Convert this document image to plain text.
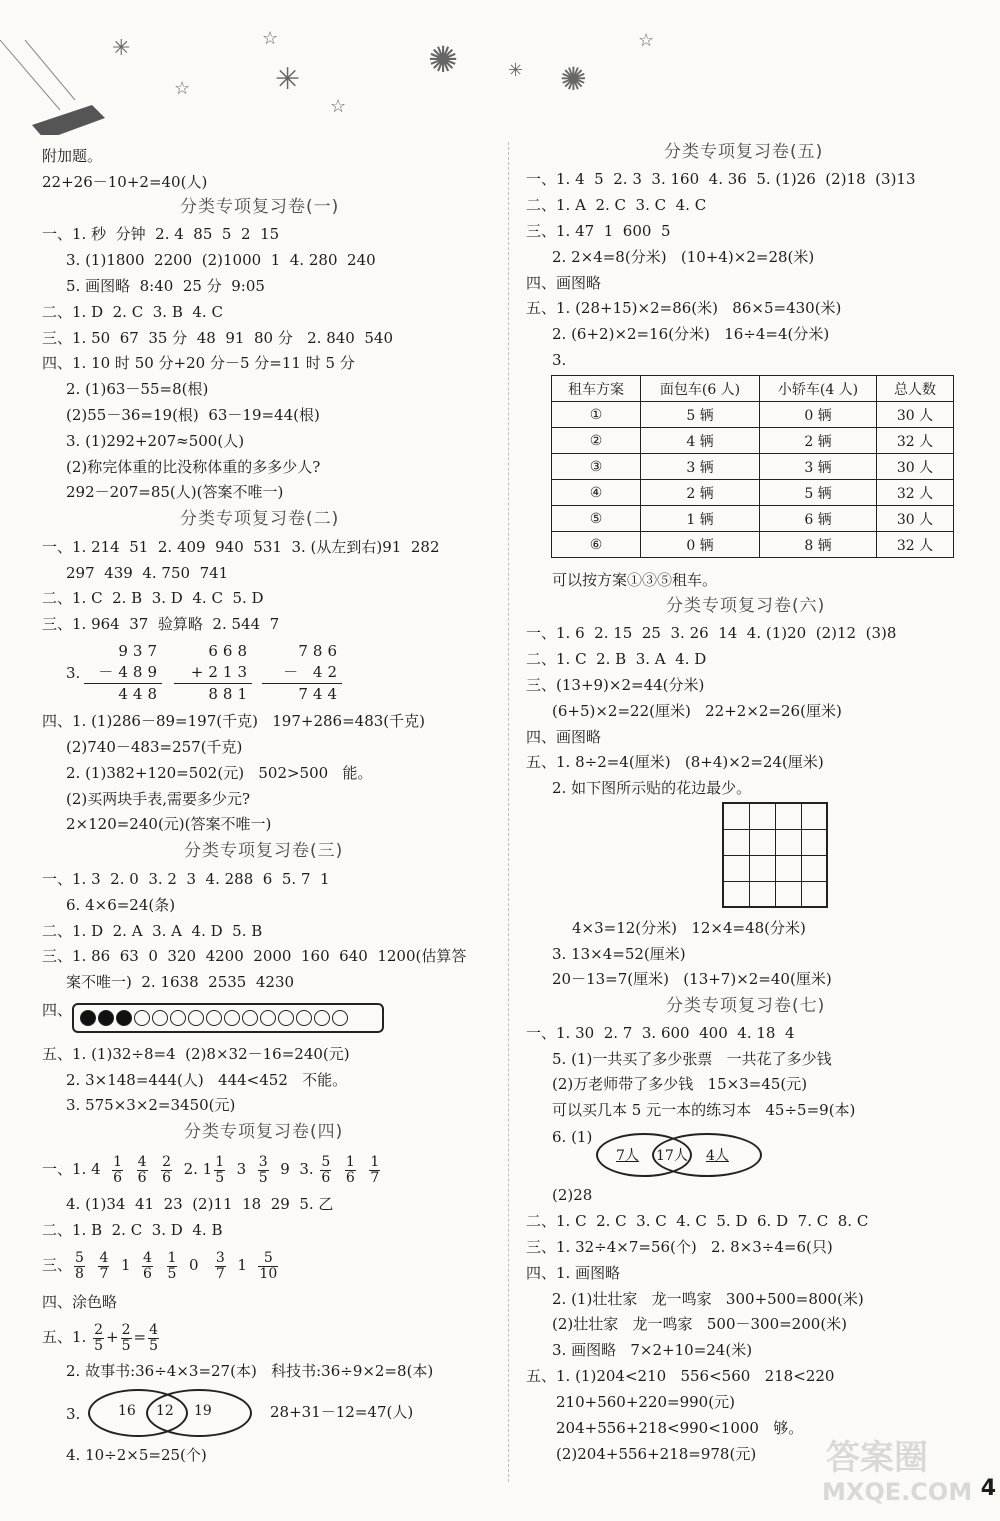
☆
☆
☆
☆
✳	✺	✺
✳
✳
附加题。
22+26－10+2=40(人)
分类专项复习卷(一)
一、1. 秒  分钟  2. 4  85  5  2  15
3. (1)1800  2200  (2)1000  1  4. 280  240
5. 画图略  8:40  25 分  9:05
二、1. D  2. C  3. B  4. C
三、1. 50  67  35 分  48  91  80 分   2. 840  540
四、1. 10 时 50 分+20 分－5 分=11 时 5 分
2. (1)63－55=8(根)
(2)55－36=19(根)  63－19=44(根)
3. (1)292+207≈500(人)
(2)称完体重的比没称体重的多多少人?
292－207=85(人)(答案不唯一)
分类专项复习卷(二)
一、1. 214  51  2. 409  940  531  3. (从左到右)91  282
297  439  4. 750  741
二、1. C  2. B  3. D  4. C  5. D
三、1. 964  37  验算略  2. 544  7
3.
937
－489
448
668
+213
881
786
－ 42
744
四、1. (1)286－89=197(千克)   197+286=483(千克)
(2)740－483=257(千克)
2. (1)382+120=502(元)   502>500   能。
(2)买两块手表,需要多少元?
2×120=240(元)(答案不唯一)
分类专项复习卷(三)
一、1. 3  2. 0  3. 2  3  4. 288  6  5. 7  1
6. 4×6=24(条)
二、1. D  2. A  3. A  4. D  5. B
三、1. 86  63  0  320  4200  2000  160  640  1200(估算答
案不唯一)  2. 1638  2535  4230
四、
五、1. (1)32÷8=4  (2)8×32－16=240(元)
2. 3×148=444(人)   444<452   不能。
3. 575×3×2=3450(元)
分类专项复习卷(四)
一、1. $4 \frac{1}{6}$
$\frac{4}{6}$
$\frac{2}{6} 2$. $1 \frac{1}{5} 3 \frac{3}{5} 9$  3. $\frac{5}{6}$
$\frac{1}{6}$
$\frac{1}{7}$
4. (1)34  41  23  (2)11  18  29  5. 乙
二、1. B  2. C  3. D  4. B
三、 $\frac{5}{8}$
$\frac{4}{7} 1 \frac{4}{6}$
$\frac{1}{5} 0 \frac{3}{7} 1 \frac{5}{10}$
四、涂色略
五、1. $\frac{2}{5} + \frac{2}{5} = \frac{4}{5}$
2. 故事书:36÷4×3=27(本)   科技书:36÷9×2=8(本)
3.	16 12 19	28+31－12=47(人)
4. 10÷2×5=25(个)
分类专项复习卷(五)
一、1. 4  5  2. 3  3. 160  4. 36  5. (1)26  (2)18  (3)13
二、1. A  2. C  3. C  4. C
三、1. 47  1  600  5
2. 2×4=8(分米)   (10+4)×2=28(米)
四、画图略
五、1. (28+15)×2=86(米)   86×5=430(米)
2. (6+2)×2=16(分米)   16÷4=4(分米)
3.
租车方案	面包车(6 人)	小轿车(4 人)	总人数
①	5 辆	0 辆	30 人
②	4 辆	2 辆	32 人
③	3 辆	3 辆	30 人
④	2 辆	5 辆	32 人
⑤	1 辆	6 辆	30 人
⑥	0 辆	8 辆	32 人
可以按方案①③⑤租车。
分类专项复习卷(六)
一、1. 6  2. 15  25  3. 26  14  4. (1)20  (2)12  (3)8
二、1. C  2. B  3. A  4. D
三、(13+9)×2=44(分米)
(6+5)×2=22(厘米)   22+2×2=26(厘米)
四、画图略
五、1. 8÷2=4(厘米)   (8+4)×2=24(厘米)
2. 如下图所示贴的花边最少。
4×3=12(分米)   12×4=48(分米)
3. 13×4=52(厘米)
20－13=7(厘米)   (13+7)×2=40(厘米)
分类专项复习卷(七)
一、1. 30  2. 7  3. 600  400  4. 18  4
5. (1)一共买了多少张票   一共花了多少钱
(2)万老师带了多少钱   15×3=45(元)
可以买几本 5 元一本的练习本   45÷5=9(本)
6. (1)
7人 17人 4人
(2)28
二、1. C  2. C  3. C  4. C  5. D  6. D  7. C  8. C
三、1. 32÷4×7=56(个)   2. 8×3÷4=6(只)
四、1. 画图略
2. (1)壮壮家   龙一鸣家   300+500=800(米)
(2)壮壮家   龙一鸣家   500－300=200(米)
3. 画图略   7×2+10=24(米)
五、1. (1)204<210   556<560   218<220
210+560+220=990(元)
204+556+218<990<1000   够。
(2)204+556+218=978(元) 答案圈
MXQE.COM 4
